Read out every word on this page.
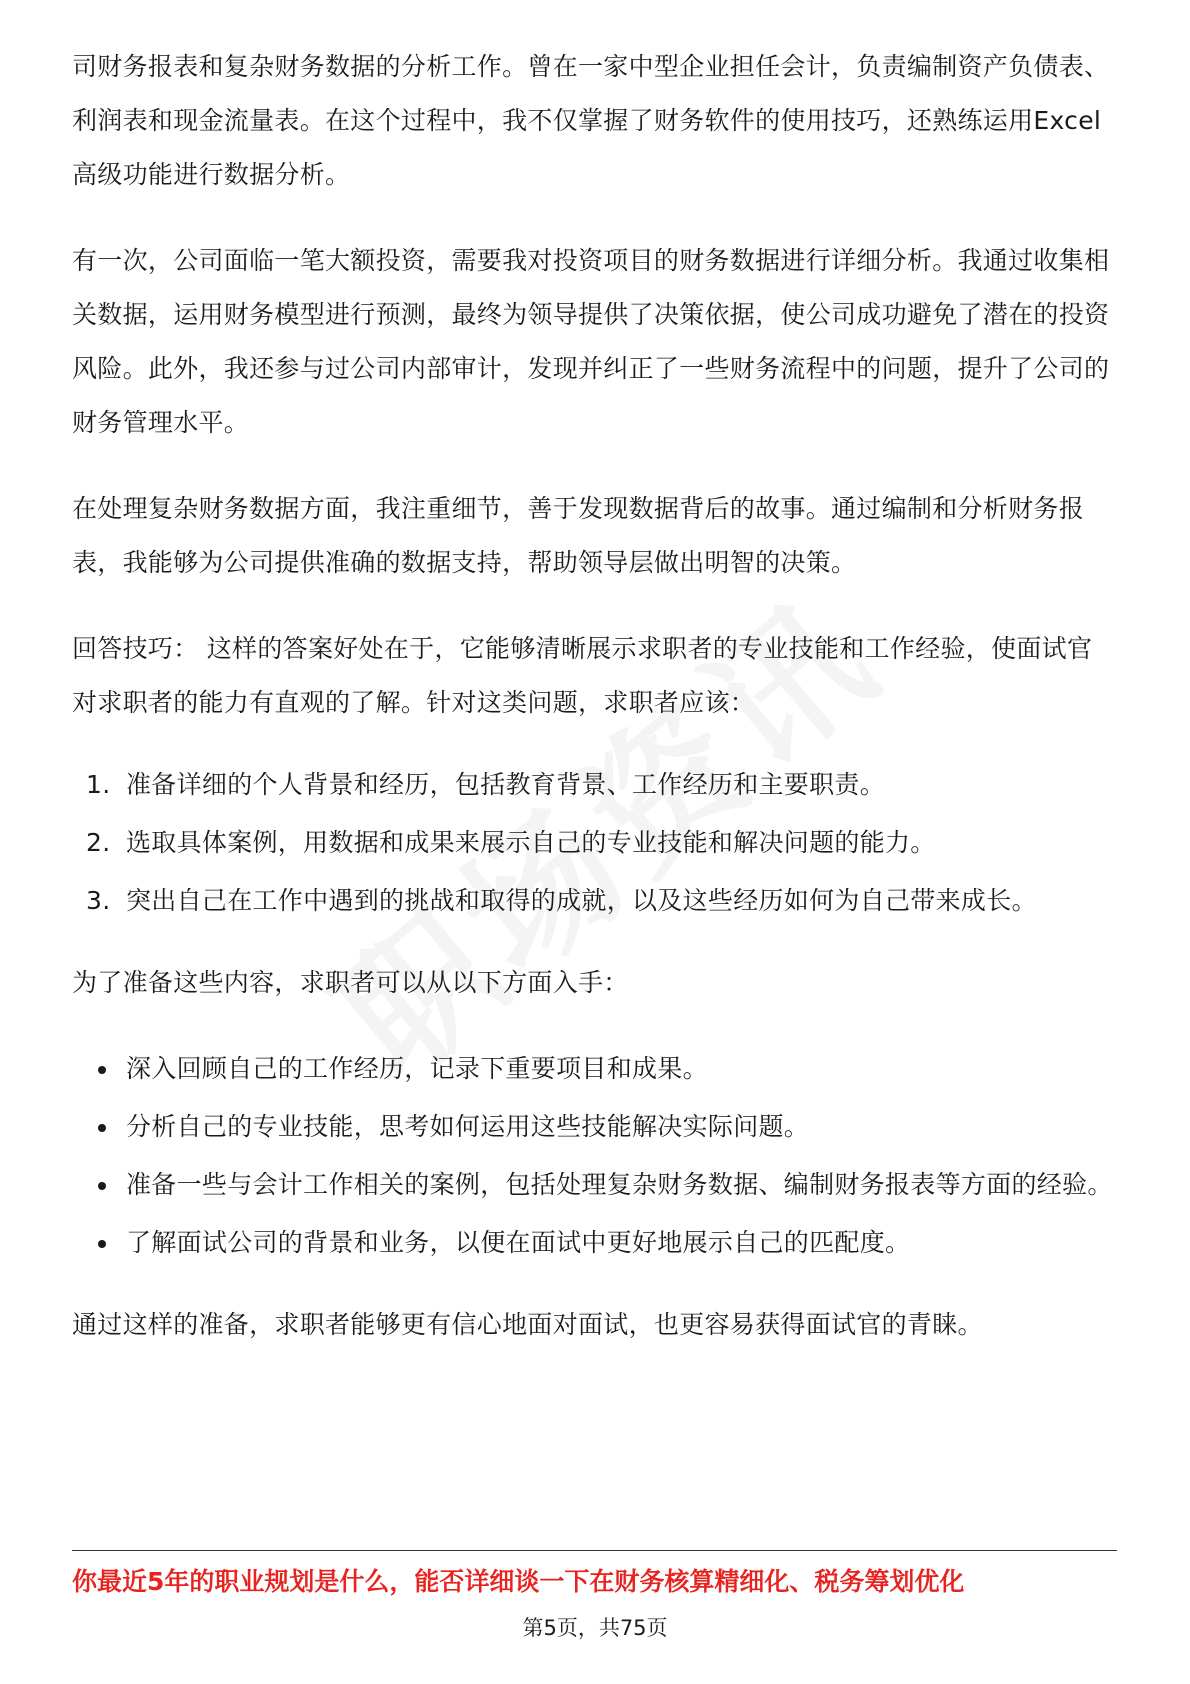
司财务报表和复杂财务数据的分析工作。曾在一家中型企业担任会计，负责编制资产负债表、利润表和现金流量表。在这个过程中，我不仅掌握了财务软件的使用技巧，还熟练运用Excel高级功能进行数据分析。

有一次，公司面临一笔大额投资，需要我对投资项目的财务数据进行详细分析。我通过收集相关数据，运用财务模型进行预测，最终为领导提供了决策依据，使公司成功避免了潜在的投资风险。此外，我还参与过公司内部审计，发现并纠正了一些财务流程中的问题，提升了公司的财务管理水平。

在处理复杂财务数据方面，我注重细节，善于发现数据背后的故事。通过编制和分析财务报表，我能够为公司提供准确的数据支持，帮助领导层做出明智的决策。

回答技巧： 这样的答案好处在于，它能够清晰展示求职者的专业技能和工作经验，使面试官对求职者的能力有直观的了解。针对这类问题，求职者应该：

1. 准备详细的个人背景和经历，包括教育背景、工作经历和主要职责。
2. 选取具体案例，用数据和成果来展示自己的专业技能和解决问题的能力。
3. 突出自己在工作中遇到的挑战和取得的成就，以及这些经历如何为自己带来成长。

为了准备这些内容，求职者可以从以下方面入手：

深入回顾自己的工作经历，记录下重要项目和成果。
分析自己的专业技能，思考如何运用这些技能解决实际问题。
准备一些与会计工作相关的案例，包括处理复杂财务数据、编制财务报表等方面的经验。
了解面试公司的背景和业务，以便在面试中更好地展示自己的匹配度。

通过这样的准备，求职者能够更有信心地面对面试，也更容易获得面试官的青睐。

你最近5年的职业规划是什么，能否详细谈一下在财务核算精细化、税务筹划优化
第5页，共75页
